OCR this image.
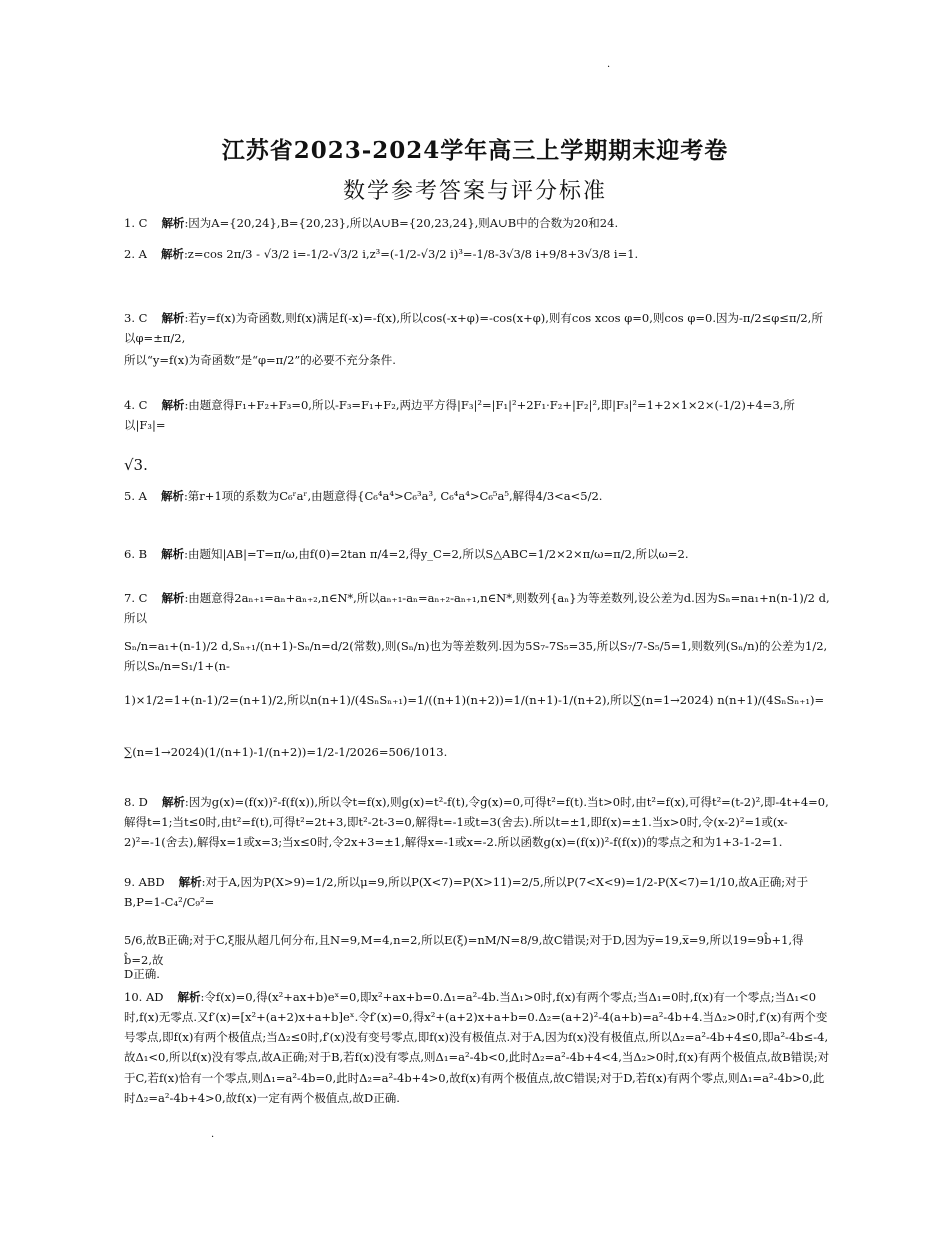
·
江苏省2023-2024学年高三上学期期末迎考卷
数学参考答案与评分标准
1. C 解析:因为A={20,24},B={20,23},所以A∪B={20,23,24},则A∪B中的合数为20和24.
2. A 解析:z=cos 2π/3 - √3/2 i=-1/2-√3/2 i,z³=(-1/2-√3/2 i)³=-1/8-3√3/8 i+9/8+3√3/8 i=1.
3. C 解析:若y=f(x)为奇函数,则f(x)满足f(-x)=-f(x),所以cos(-x+φ)=-cos(x+φ),则有cos xcos φ=0,则cos φ=0.因为-π/2≤φ≤π/2,所以φ=±π/2,
所以“y=f(x)为奇函数”是“φ=π/2”的必要不充分条件.
4. C 解析:由题意得F₁+F₂+F₃=0,所以-F₃=F₁+F₂,两边平方得|F₃|²=|F₁|²+2F₁·F₂+|F₂|²,即|F₃|²=1+2×1×2×(-1/2)+4=3,所以|F₃|=
√3.
5. A 解析:第r+1项的系数为C₆ʳaʳ,由题意得{C₆⁴a⁴>C₆³a³, C₆⁴a⁴>C₆⁵a⁵,解得4/3<a<5/2.
6. B 解析:由题知|AB|=T=π/ω,由f(0)=2tan π/4=2,得y_C=2,所以S△ABC=1/2×2×π/ω=π/2,所以ω=2.
7. C 解析:由题意得2aₙ₊₁=aₙ+aₙ₊₂,n∈N*,所以aₙ₊₁-aₙ=aₙ₊₂-aₙ₊₁,n∈N*,则数列{aₙ}为等差数列,设公差为d.因为Sₙ=na₁+n(n-1)/2 d,所以
Sₙ/n=a₁+(n-1)/2 d,Sₙ₊₁/(n+1)-Sₙ/n=d/2(常数),则(Sₙ/n)也为等差数列.因为5S₇-7S₅=35,所以S₇/7-S₅/5=1,则数列(Sₙ/n)的公差为1/2,所以Sₙ/n=S₁/1+(n-
1)×1/2=1+(n-1)/2=(n+1)/2,所以n(n+1)/(4SₙSₙ₊₁)=1/((n+1)(n+2))=1/(n+1)-1/(n+2),所以∑(n=1→2024) n(n+1)/(4SₙSₙ₊₁)=
∑(n=1→2024)(1/(n+1)-1/(n+2))=1/2-1/2026=506/1013.
8. D 解析:因为g(x)=(f(x))²-f(f(x)),所以令t=f(x),则g(x)=t²-f(t),令g(x)=0,可得t²=f(t).当t>0时,由t²=f(x),可得t²=(t-2)²,即-4t+4=0,解得t=1;当t≤0时,由t²=f(t),可得t²=2t+3,即t²-2t-3=0,解得t=-1或t=3(舍去).所以t=±1,即f(x)=±1.当x>0时,令(x-2)²=1或(x-2)²=-1(舍去),解得x=1或x=3;当x≤0时,令2x+3=±1,解得x=-1或x=-2.所以函数g(x)=(f(x))²-f(f(x))的零点之和为1+3-1-2=1.
9. ABD 解析:对于A,因为P(X>9)=1/2,所以μ=9,所以P(X<7)=P(X>11)=2/5,所以P(7<X<9)=1/2-P(X<7)=1/10,故A正确;对于B,P=1-C₄²/C₉²=
5/6,故B正确;对于C,ξ服从超几何分布,且N=9,M=4,n=2,所以E(ξ)=nM/N=8/9,故C错误;对于D,因为y̅=19,x̅=9,所以19=9b̂+1,得b̂=2,故
D正确.
10. AD 解析:令f(x)=0,得(x²+ax+b)eˣ=0,即x²+ax+b=0.Δ₁=a²-4b.当Δ₁>0时,f(x)有两个零点;当Δ₁=0时,f(x)有一个零点;当Δ₁<0时,f(x)无零点.又f′(x)=[x²+(a+2)x+a+b]eˣ.令f′(x)=0,得x²+(a+2)x+a+b=0.Δ₂=(a+2)²-4(a+b)=a²-4b+4.当Δ₂>0时,f′(x)有两个变号零点,即f(x)有两个极值点;当Δ₂≤0时,f′(x)没有变号零点,即f(x)没有极值点.对于A,因为f(x)没有极值点,所以Δ₂=a²-4b+4≤0,即a²-4b≤-4,故Δ₁<0,所以f(x)没有零点,故A正确;对于B,若f(x)没有零点,则Δ₁=a²-4b<0,此时Δ₂=a²-4b+4<4,当Δ₂>0时,f(x)有两个极值点,故B错误;对于C,若f(x)恰有一个零点,则Δ₁=a²-4b=0,此时Δ₂=a²-4b+4>0,故f(x)有两个极值点,故C错误;对于D,若f(x)有两个零点,则Δ₁=a²-4b>0,此时Δ₂=a²-4b+4>0,故f(x)一定有两个极值点,故D正确.
·
